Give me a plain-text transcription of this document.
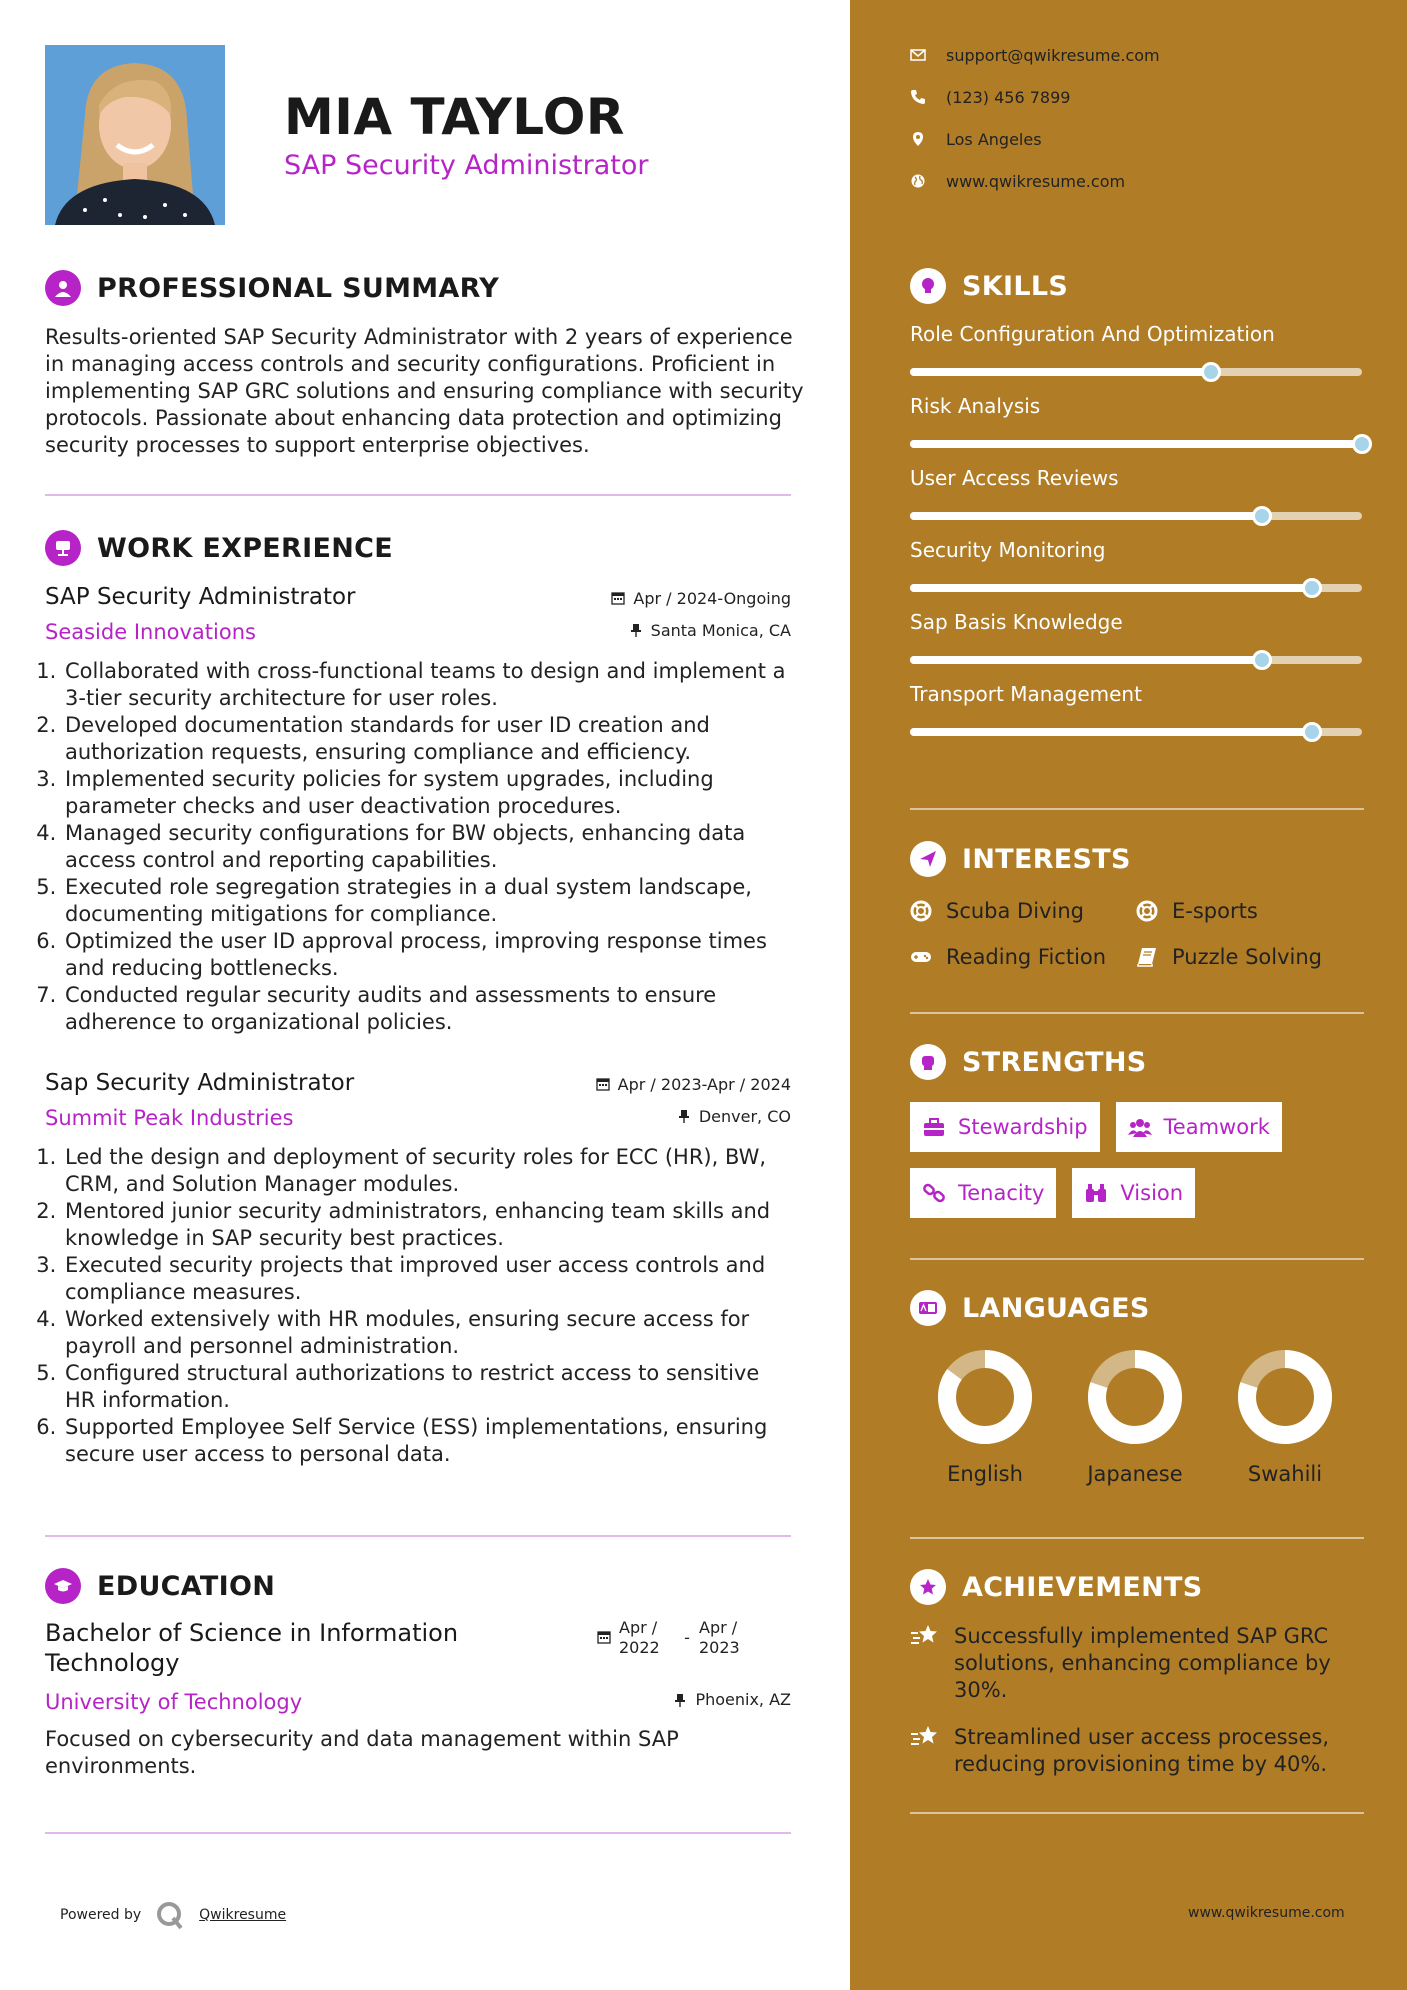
MIA TAYLOR
SAP Security Administrator
PROFESSIONAL SUMMARY

Results-oriented SAP Security Administrator with 2 years of experience in managing access controls and security configurations. Proficient in implementing SAP GRC solutions and ensuring compliance with security protocols. Passionate about enhancing data protection and optimizing security processes to support enterprise objectives.

WORK EXPERIENCE
SAP Security Administrator
Seaside Innovations
Apr / 2024-Ongoing
Santa Monica, CA
1. Collaborated with cross-functional teams to design and implement a 3-tier security architecture for user roles.
2. Developed documentation standards for user ID creation and authorization requests, ensuring compliance and efficiency.
3. Implemented security policies for system upgrades, including parameter checks and user deactivation procedures.
4. Managed security configurations for BW objects, enhancing data access control and reporting capabilities.
5. Executed role segregation strategies in a dual system landscape, documenting mitigations for compliance.
6. Optimized the user ID approval process, improving response times and reducing bottlenecks.
7. Conducted regular security audits and assessments to ensure adherence to organizational policies.
Sap Security Administrator
Summit Peak Industries
Apr / 2023-Apr / 2024
Denver, CO
1. Led the design and deployment of security roles for ECC (HR), BW, CRM, and Solution Manager modules.
2. Mentored junior security administrators, enhancing team skills and knowledge in SAP security best practices.
3. Executed security projects that improved user access controls and compliance measures.
4. Worked extensively with HR modules, ensuring secure access for payroll and personnel administration.
5. Configured structural authorizations to restrict access to sensitive HR information.
6. Supported Employee Self Service (ESS) implementations, ensuring secure user access to personal data.
EDUCATION
Bachelor of Science in Information Technology
University of Technology
Focused on cybersecurity and data management within SAP environments.
Apr /
2022
-
Apr /
2023
Phoenix, AZ
Powered by	Qwikresume
support@qwikresume.com
(123) 456 7899
Los Angeles
www.qwikresume.com
SKILLS
Role Configuration And Optimization
Risk Analysis
User Access Reviews
Security Monitoring
Sap Basis Knowledge
Transport Management
INTERESTS
Scuba Diving	E-sports
Reading Fiction	Puzzle Solving
STRENGTHS
Stewardship	Teamwork
Tenacity	Vision
LANGUAGES
English	Japanese	Swahili
ACHIEVEMENTS
Successfully implemented SAP GRC solutions, enhancing compliance by 30%.
Streamlined user access processes, reducing provisioning time by 40%.
www.qwikresume.com
